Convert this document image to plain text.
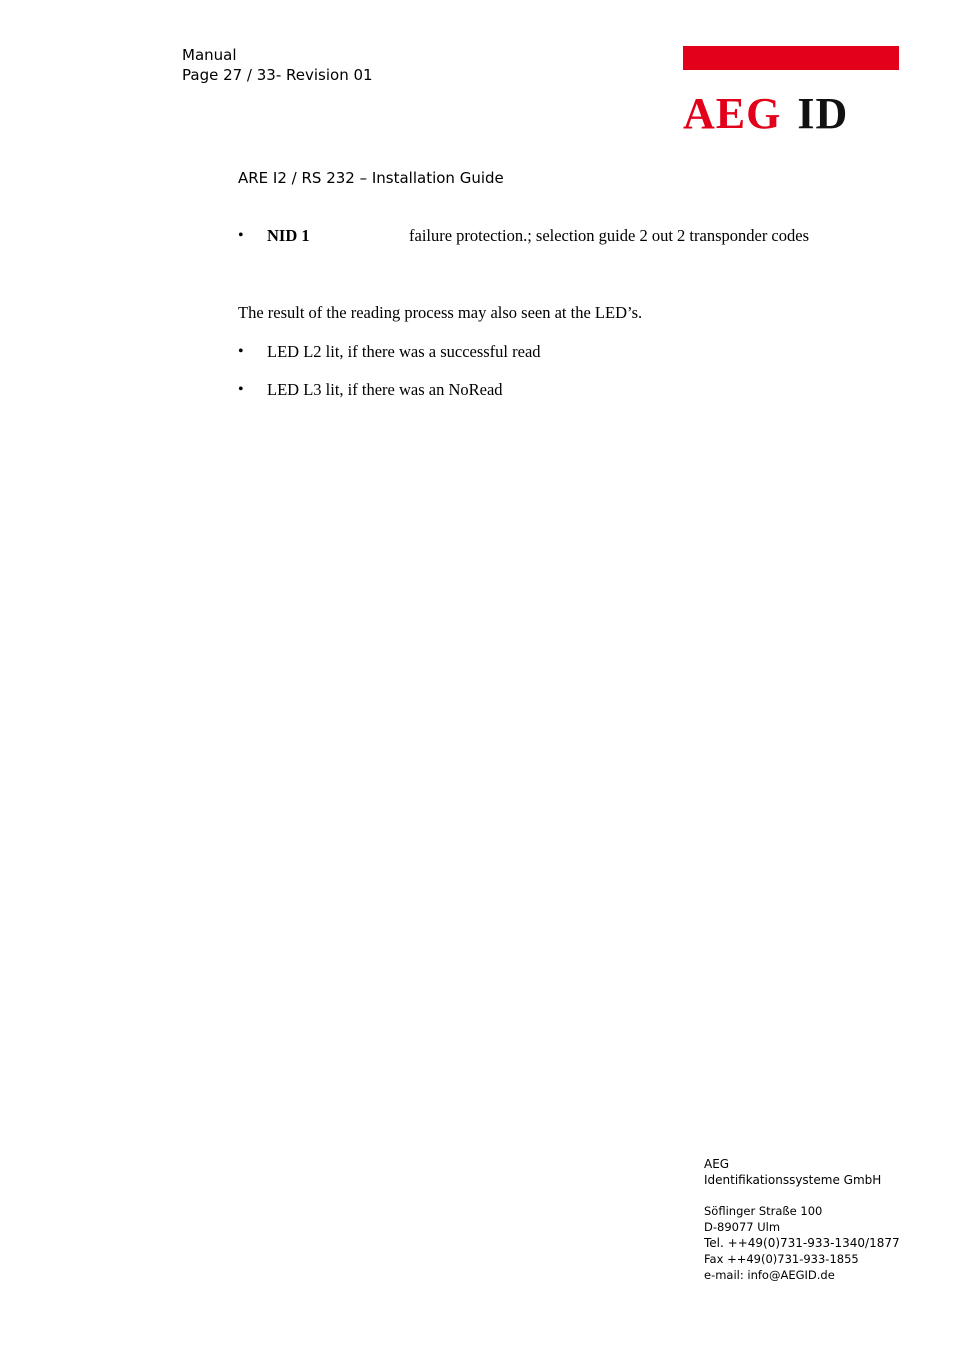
Manual
Page 27 / 33- Revision 01
AEG ID
ARE I2 / RS 232 – Installation Guide
• NID 1	failure protection.; selection guide 2 out 2 transponder codes
The result of the reading process may also seen at the LED’s.
• LED L2 lit, if there was a successful read
• LED L3 lit, if there was an NoRead
AEG
Identifikationssysteme GmbH
Söflinger Straße 100
D-89077 Ulm
Tel. ++49(0)731-933-1340/1877
Fax ++49(0)731-933-1855
e-mail: info@AEGID.de
